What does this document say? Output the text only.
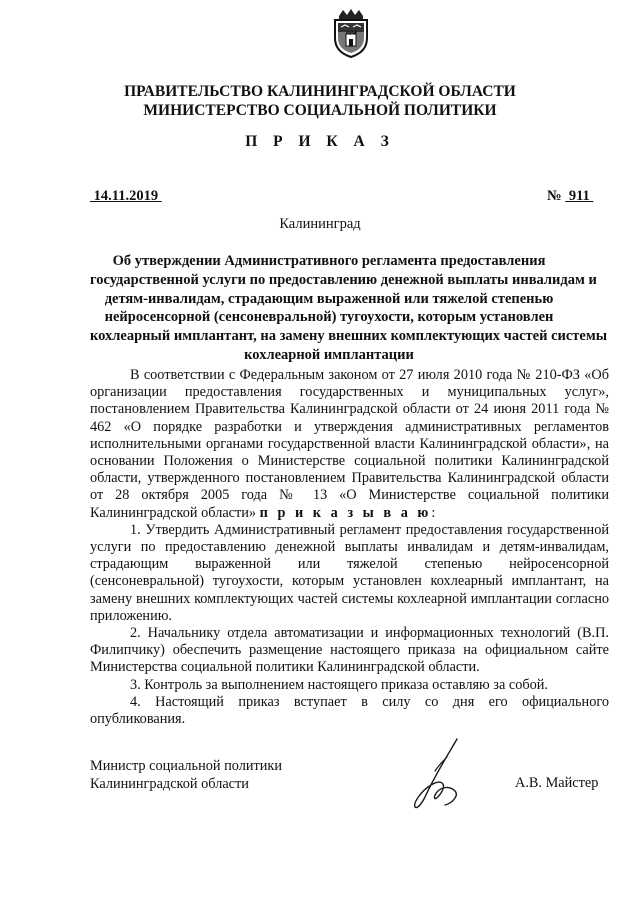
ПРАВИТЕЛЬСТВО КАЛИНИНГРАДСКОЙ ОБЛАСТИ
МИНИСТЕРСТВО СОЦИАЛЬНОЙ ПОЛИТИКИ
П Р И К А З
14.11.2019	№  911
Калининград
Об утверждении Административного регламента предоставления
государственной услуги по предоставлению денежной выплаты инвалидам и
детям-инвалидам, страдающим выраженной или тяжелой степенью
нейросенсорной (сенсоневральной) тугоухости, которым установлен
кохлеарный имплантант, на замену внешних комплектующих частей системы
кохлеарной имплантации

В соответствии с Федеральным законом от 27 июля 2010 года № 210-ФЗ «Об организации предоставления государственных и муниципальных услуг», постановлением Правительства Калининградской области от 24 июня 2011 года № 462 «О порядке разработки и утверждения административных регламентов исполнительными органами государственной власти Калининградской области», на основании Положения о Министерстве социальной политики Калининградской области, утвержденного постановлением Правительства Калининградской области от 28 октября 2005 года № 13 «О Министерстве социальной политики Калининградской области» п р и к а з ы в а ю:

1. Утвердить Административный регламент предоставления государственной услуги по предоставлению денежной выплаты инвалидам и детям-инвалидам, страдающим выраженной или тяжелой степенью нейросенсорной (сенсоневральной) тугоухости, которым установлен кохлеарный имплантант, на замену внешних комплектующих частей системы кохлеарной имплантации согласно приложению.

2. Начальнику отдела автоматизации и информационных технологий (В.П. Филипчику) обеспечить размещение настоящего приказа на официальном сайте Министерства социальной политики Калининградской области.

3. Контроль за выполнением настоящего приказа оставляю за собой.

4. Настоящий приказ вступает в силу со дня его официального опубликования.

Министр социальной политики
Калининградской области	А.В. Майстер
